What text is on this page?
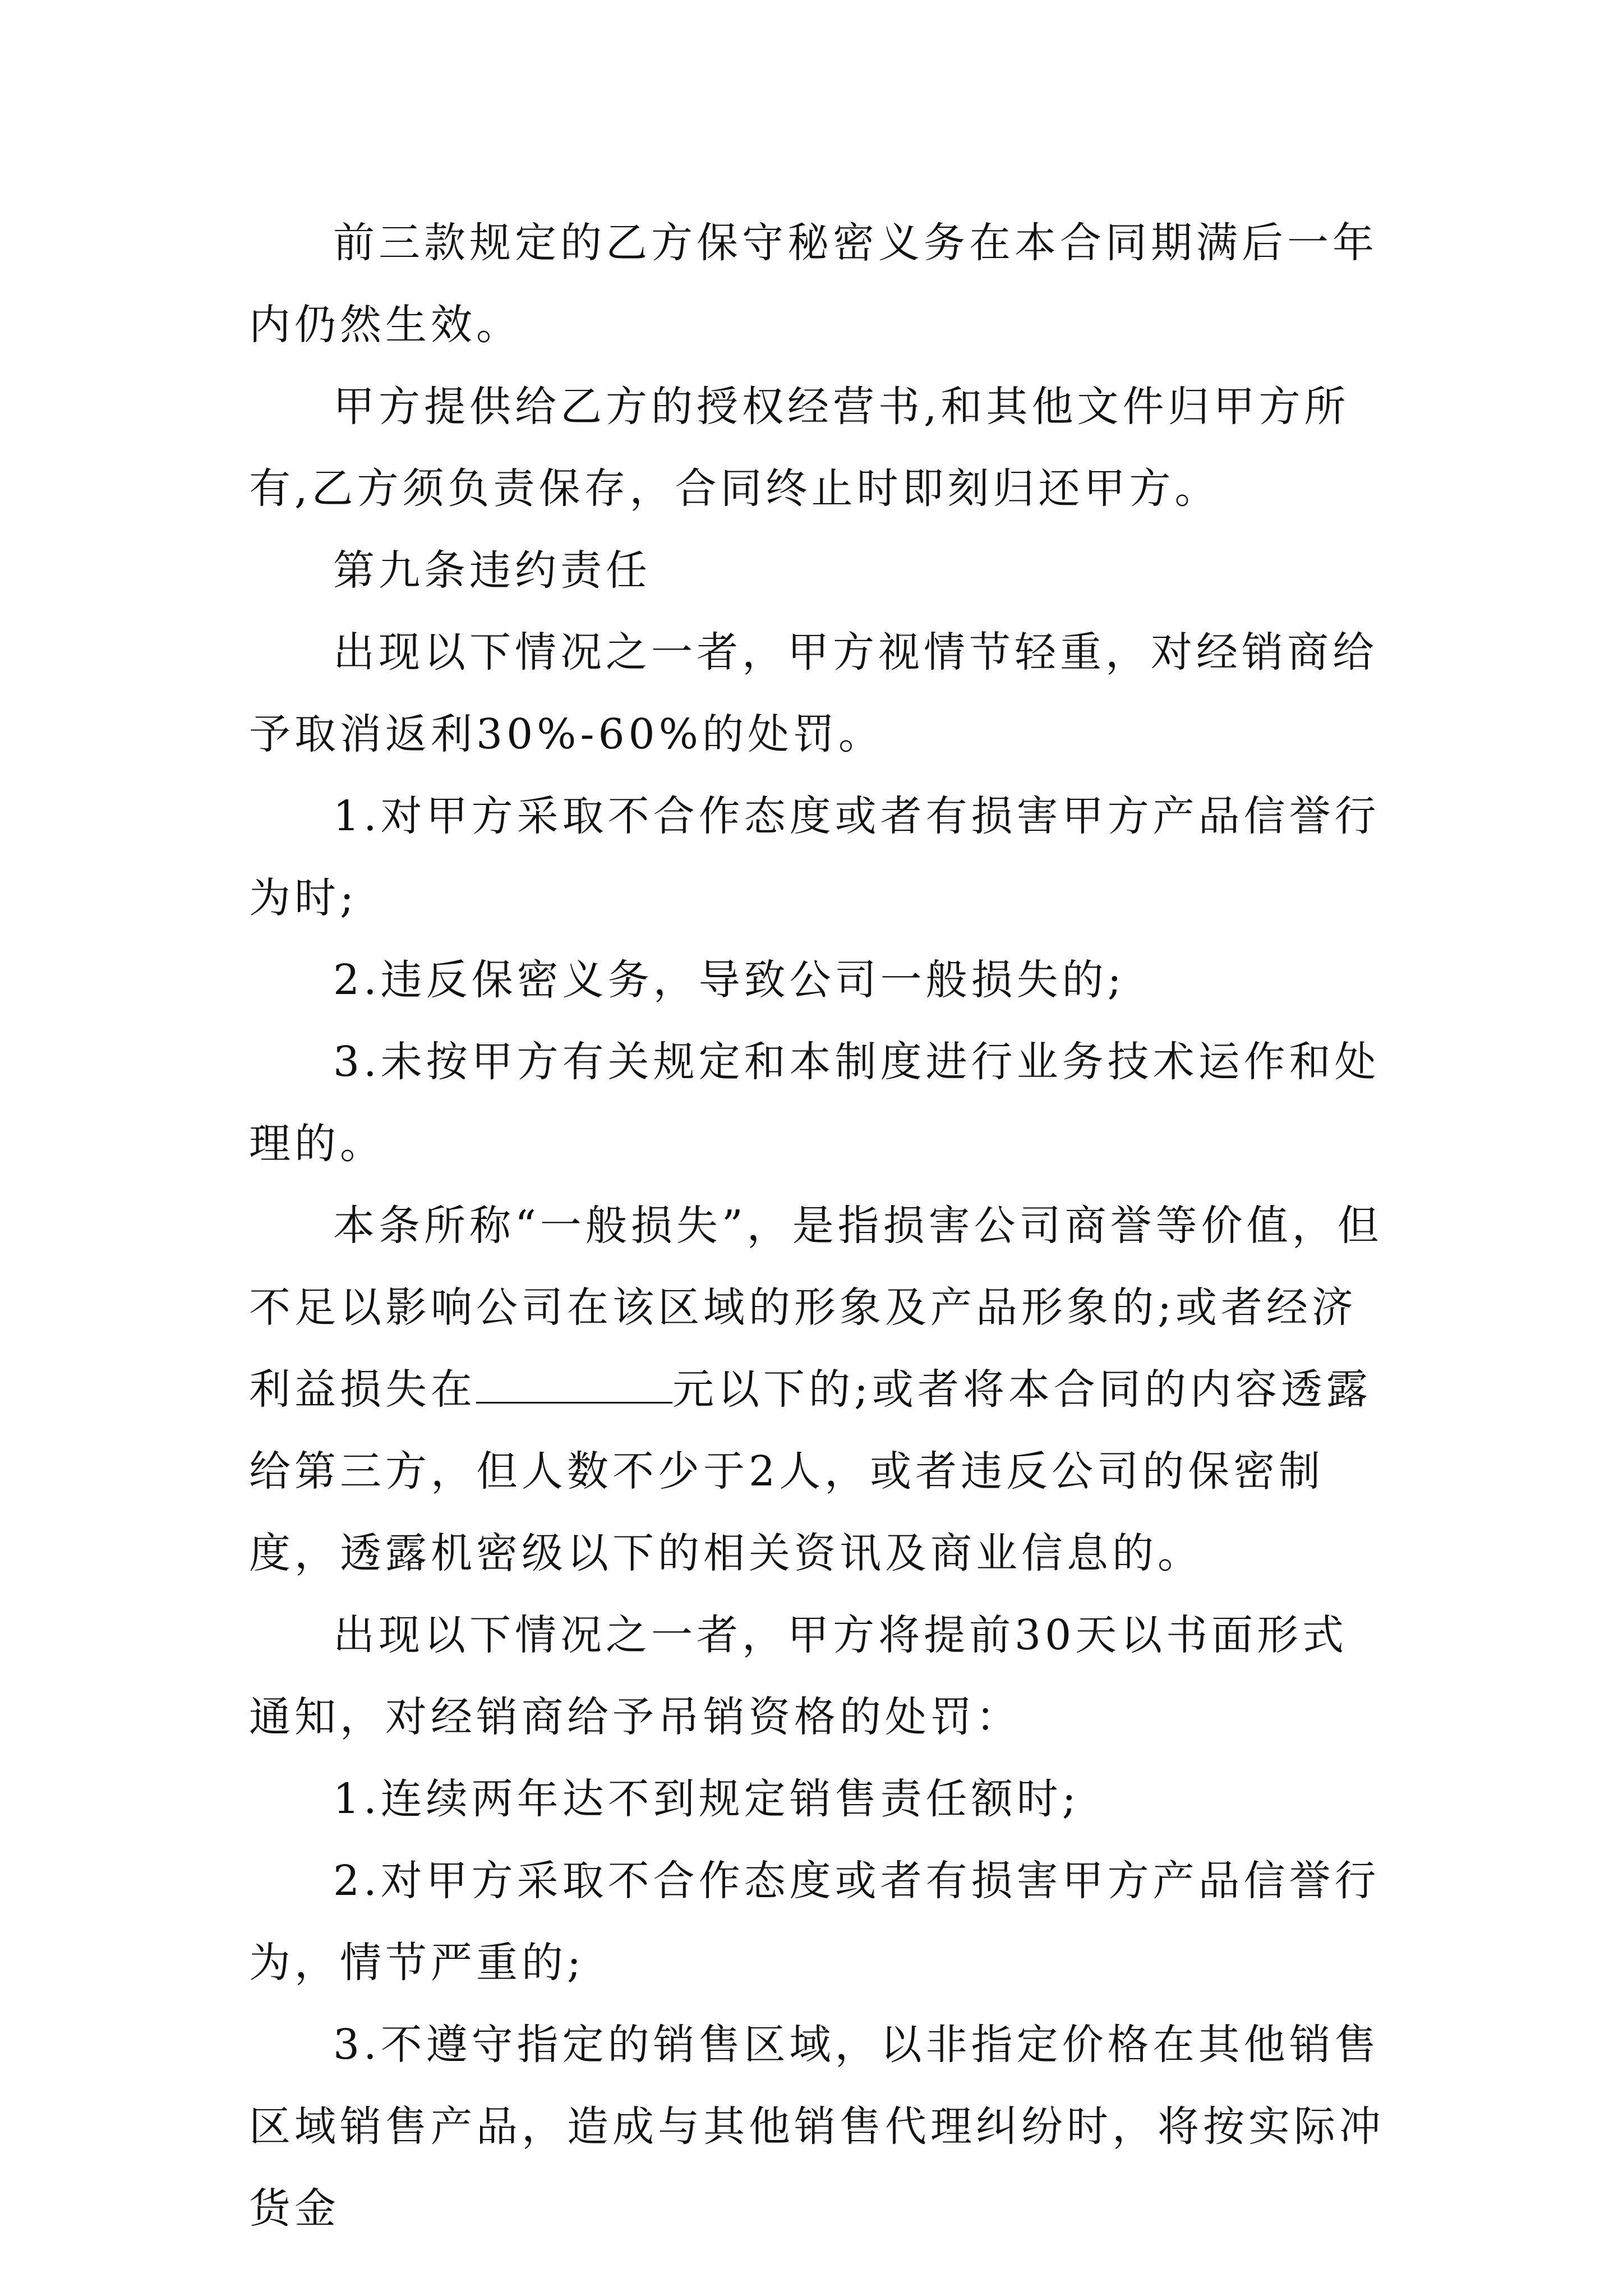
前三款规定的乙方保守秘密义务在本合同期满后一年内仍然生效。

甲方提供给乙方的授权经营书,和其他文件归甲方所有,乙方须负责保存，合同终止时即刻归还甲方。

第九条违约责任

出现以下情况之一者，甲方视情节轻重，对经销商给予取消返利30%-60%的处罚。

1.对甲方采取不合作态度或者有损害甲方产品信誉行为时;

2.违反保密义务，导致公司一般损失的;

3.未按甲方有关规定和本制度进行业务技术运作和处理的。

本条所称“一般损失”，是指损害公司商誉等价值，但不足以影响公司在该区域的形象及产品形象的;或者经济利益损失在	元以下的;或者将本合同的内容透露给第三方，但人数不少于2人，或者违反公司的保密制度，透露机密级以下的相关资讯及商业信息的。

出现以下情况之一者，甲方将提前30天以书面形式通知，对经销商给予吊销资格的处罚：

1.连续两年达不到规定销售责任额时;

2.对甲方采取不合作态度或者有损害甲方产品信誉行为，情节严重的;

3.不遵守指定的销售区域，以非指定价格在其他销售区域销售产品，造成与其他销售代理纠纷时，将按实际冲货金
